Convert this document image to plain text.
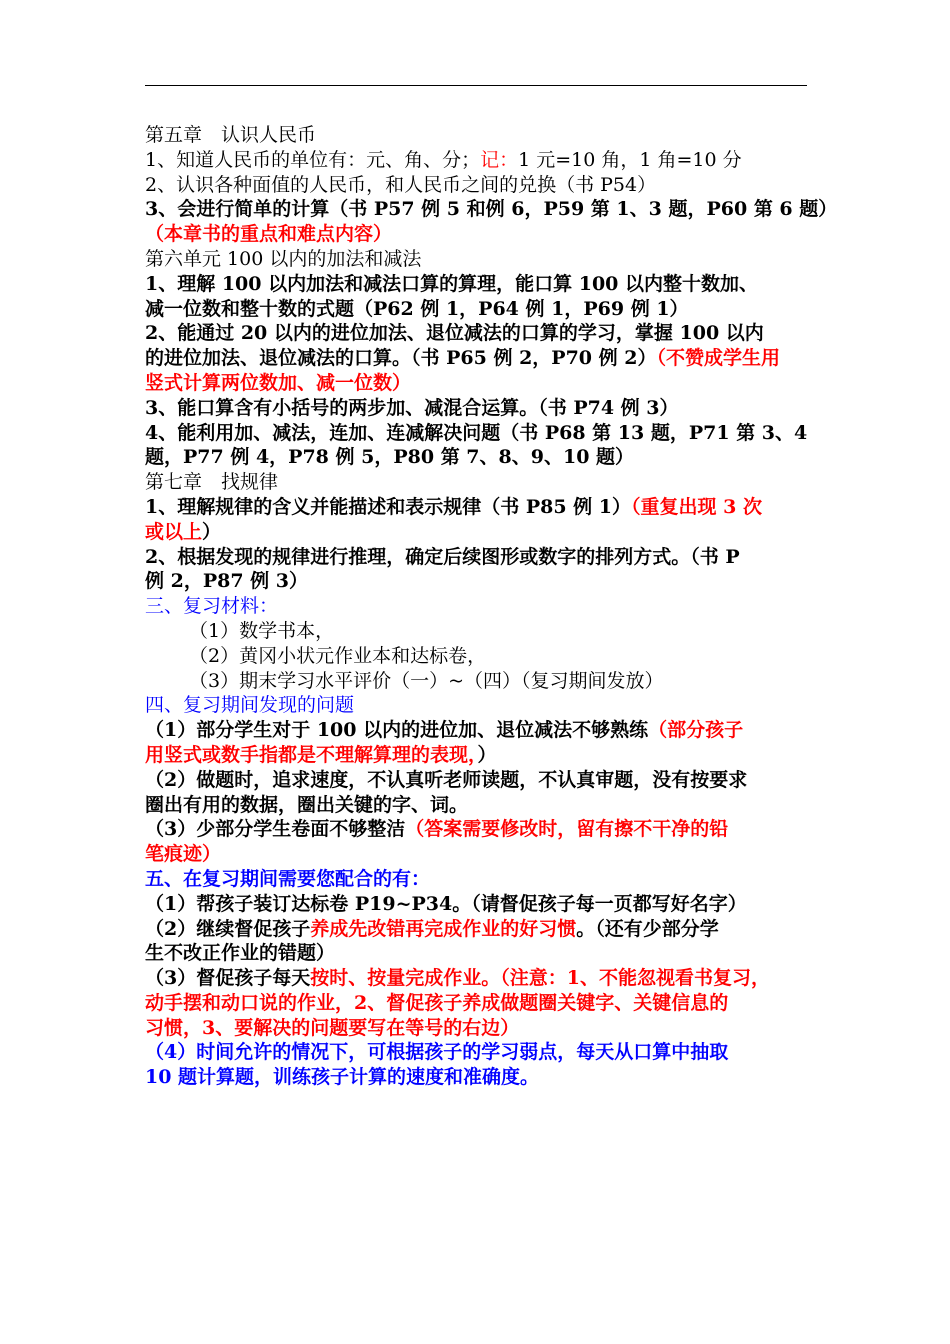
第五章　认识人民币
1、知道人民币的单位有：元、角、分；记：1 元=10 角，1 角=10 分
2、认识各种面值的人民币，和人民币之间的兑换（书 P54）
3、会进行简单的计算（书 P57 例 5 和例 6，P59 第 1、3 题，P60 第 6 题）
（本章书的重点和难点内容）
第六单元 100 以内的加法和减法
1、理解 100 以内加法和减法口算的算理，能口算 100 以内整十数加、
减一位数和整十数的式题（P62 例 1，P64 例 1，P69 例 1）
2、能通过 20 以内的进位加法、退位减法的口算的学习，掌握 100 以内
的进位加法、退位减法的口算。（书 P65 例 2，P70 例 2）（不赞成学生用
竖式计算两位数加、减一位数）
3、能口算含有小括号的两步加、减混合运算。（书 P74 例 3）
4、能利用加、减法，连加、连减解决问题（书 P68 第 13 题，P71 第 3、4
题，P77 例 4，P78 例 5，P80 第 7、8、9、10 题）
第七章　找规律
1、理解规律的含义并能描述和表示规律（书 P85 例 1）（重复出现 3 次
或以上）
2、根据发现的规律进行推理，确定后续图形或数字的排列方式。（书 P
例 2，P87 例 3）
三、复习材料：
（1）数学书本，
（2）黄冈小状元作业本和达标卷，
（3）期末学习水平评价（一）~（四）（复习期间发放）
四、复习期间发现的问题
（1）部分学生对于 100 以内的进位加、退位减法不够熟练（部分孩子
用竖式或数手指都是不理解算理的表现，）
（2）做题时，追求速度，不认真听老师读题，不认真审题，没有按要求
圈出有用的数据，圈出关键的字、词。
（3）少部分学生卷面不够整洁（答案需要修改时，留有擦不干净的铅
笔痕迹）
五、在复习期间需要您配合的有：
（1）帮孩子装订达标卷 P19~P34。（请督促孩子每一页都写好名字）
（2）继续督促孩子养成先改错再完成作业的好习惯。（还有少部分学
生不改正作业的错题）
（3）督促孩子每天按时、按量完成作业。（注意：1、不能忽视看书复习，
动手摆和动口说的作业，2、督促孩子养成做题圈关键字、关键信息的
习惯，3、要解决的问题要写在等号的右边）
（4）时间允许的情况下，可根据孩子的学习弱点，每天从口算中抽取
10 题计算题，训练孩子计算的速度和准确度。
